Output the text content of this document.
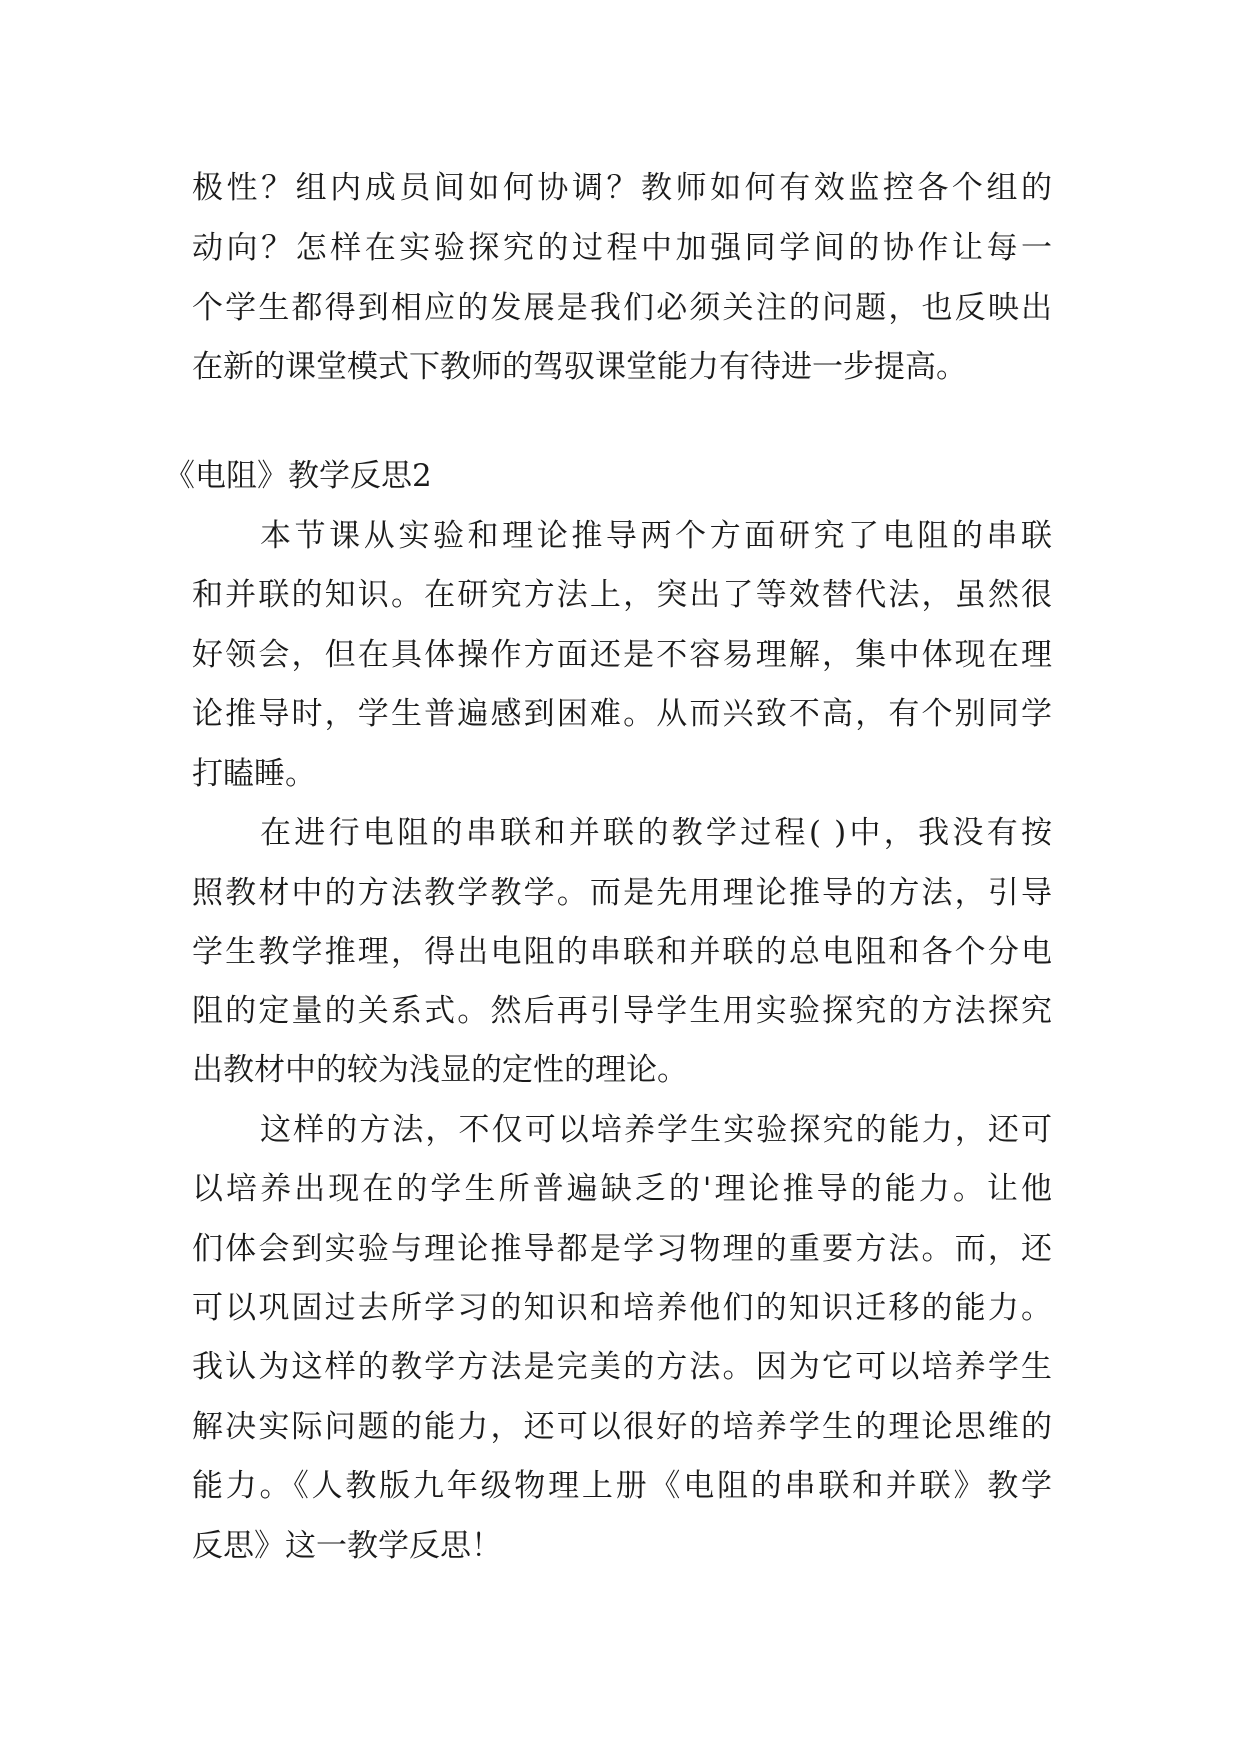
极性？组内成员间如何协调？教师如何有效监控各个组的
动向？怎样在实验探究的过程中加强同学间的协作让每一
个学生都得到相应的发展是我们必须关注的问题，也反映出
在新的课堂模式下教师的驾驭课堂能力有待进一步提高。
《电阻》教学反思2
本节课从实验和理论推导两个方面研究了电阻的串联
和并联的知识。在研究方法上，突出了等效替代法，虽然很
好领会，但在具体操作方面还是不容易理解，集中体现在理
论推导时，学生普遍感到困难。从而兴致不高，有个别同学
打瞌睡。
在进行电阻的串联和并联的教学过程( )中，我没有按
照教材中的方法教学教学。而是先用理论推导的方法，引导
学生教学推理，得出电阻的串联和并联的总电阻和各个分电
阻的定量的关系式。然后再引导学生用实验探究的方法探究
出教材中的较为浅显的定性的理论。
这样的方法，不仅可以培养学生实验探究的能力，还可
以培养出现在的学生所普遍缺乏的'理论推导的能力。让他
们体会到实验与理论推导都是学习物理的重要方法。而，还
可以巩固过去所学习的知识和培养他们的知识迁移的能力。
我认为这样的教学方法是完美的方法。因为它可以培养学生
解决实际问题的能力，还可以很好的培养学生的理论思维的
能力。《人教版九年级物理上册《电阻的串联和并联》教学
反思》这一教学反思！
